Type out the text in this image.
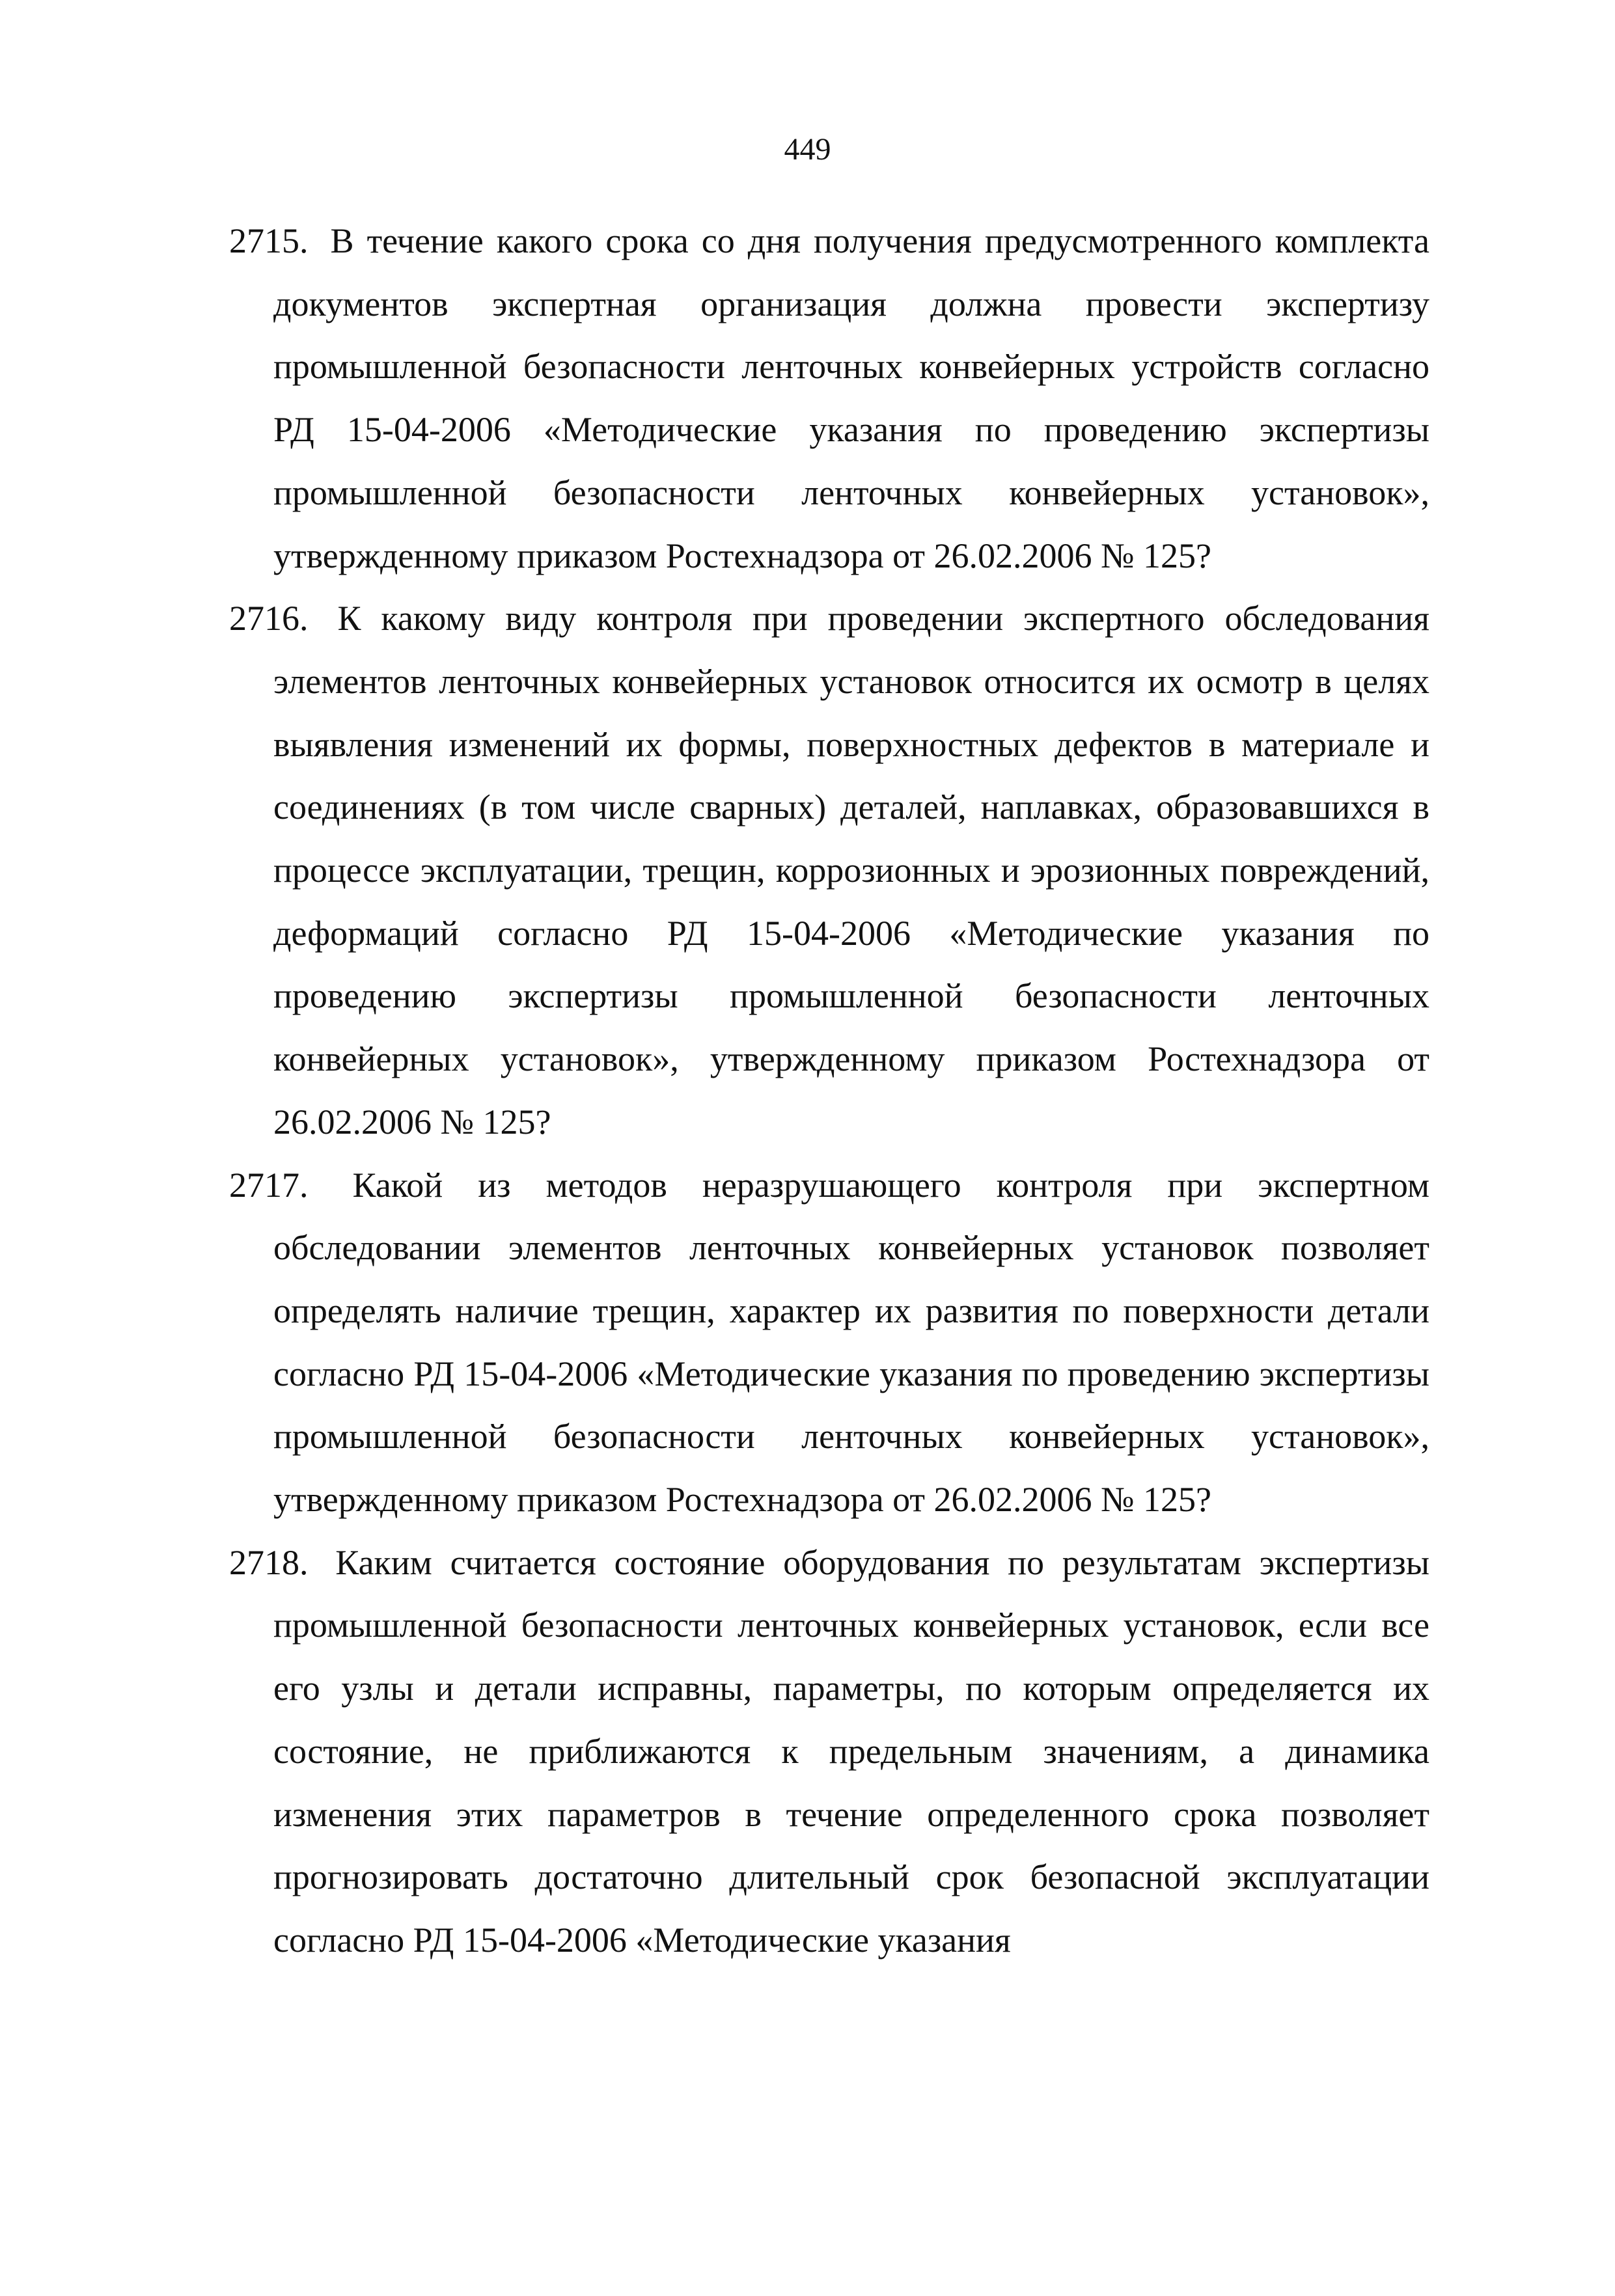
449
2715. В течение какого срока со дня получения предусмотренного комплекта документов экспертная организация должна провести экспертизу промышленной безопасности ленточных конвейерных устройств согласно РД 15-04-2006 «Методические указания по проведению экспертизы промышленной безопасности ленточных конвейерных установок», утвержденному приказом Ростехнадзора от 26.02.2006 № 125?
2716. К какому виду контроля при проведении экспертного обследования элементов ленточных конвейерных установок относится их осмотр в целях выявления изменений их формы, поверхностных дефектов в материале и соединениях (в том числе сварных) деталей, наплавках, образовавшихся в процессе эксплуатации, трещин, коррозионных и эрозионных повреждений, деформаций согласно РД 15-04-2006 «Методические указания по проведению экспертизы промышленной безопасности ленточных конвейерных установок», утвержденному приказом Ростехнадзора от 26.02.2006 № 125?
2717. Какой из методов неразрушающего контроля при экспертном обследовании элементов ленточных конвейерных установок позволяет определять наличие трещин, характер их развития по поверхности детали согласно РД 15-04-2006 «Методические указания по проведению экспертизы промышленной безопасности ленточных конвейерных установок», утвержденному приказом Ростехнадзора от 26.02.2006 № 125?
2718. Каким считается состояние оборудования по результатам экспертизы промышленной безопасности ленточных конвейерных установок, если все его узлы и детали исправны, параметры, по которым определяется их состояние, не приближаются к предельным значениям, а динамика изменения этих параметров в течение определенного срока позволяет прогнозировать достаточно длительный срок безопасной эксплуатации согласно РД 15-04-2006 «Методические указания
